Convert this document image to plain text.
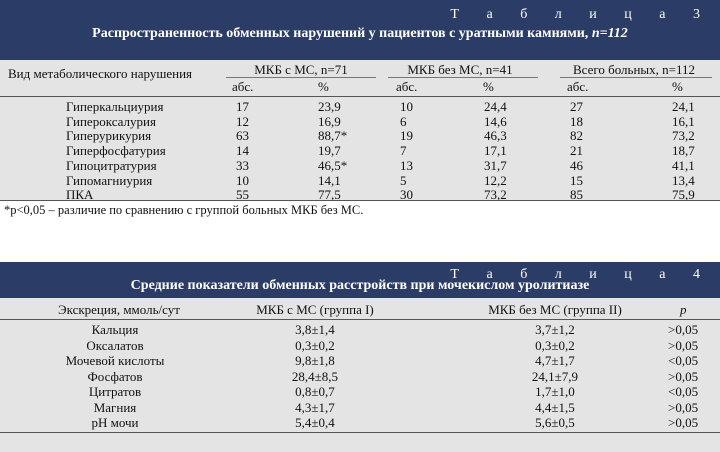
Т а б л и ц а 3
Распространенность обменных нарушений у пациентов с уратными камнями, n=112
Вид метаболического нарушения	МКБ с МС, n=71	МКБ без МС, n=41	Всего больных, n=112
абс.	%	абс.	%	абс.	%
Гиперкальциурия	17	23,9	10	24,4	27	24,1
Гипероксалурия	12	16,9	6	14,6	18	16,1
Гиперурикурия	63	88,7*	19	46,3	82	73,2
Гиперфосфатурия	14	19,7	7	17,1	21	18,7
Гипоцитратурия	33	46,5*	13	31,7	46	41,1
Гипомагниурия	10	14,1	5	12,2	15	13,4
ПКА	55	77,5	30	73,2	85	75,9
*p<0,05 – различие по сравнению с группой больных МКБ без МС.
Т а б л и ц а 4
Средние показатели обменных расстройств при мочекислом уролитиазе
Экскреция, ммоль/сут	МКБ с МС (группа I)	МКБ без МС (группа II)	p
Кальция	3,8±1,4	3,7±1,2	>0,05
Оксалатов	0,3±0,2	0,3±0,2	>0,05
Мочевой кислоты	9,8±1,8	4,7±1,7	<0,05
Фосфатов	28,4±8,5	24,1±7,9	>0,05
Цитратов	0,8±0,7	1,7±1,0	<0,05
Магния	4,3±1,7	4,4±1,5	>0,05
pH мочи	5,4±0,4	5,6±0,5	>0,05
